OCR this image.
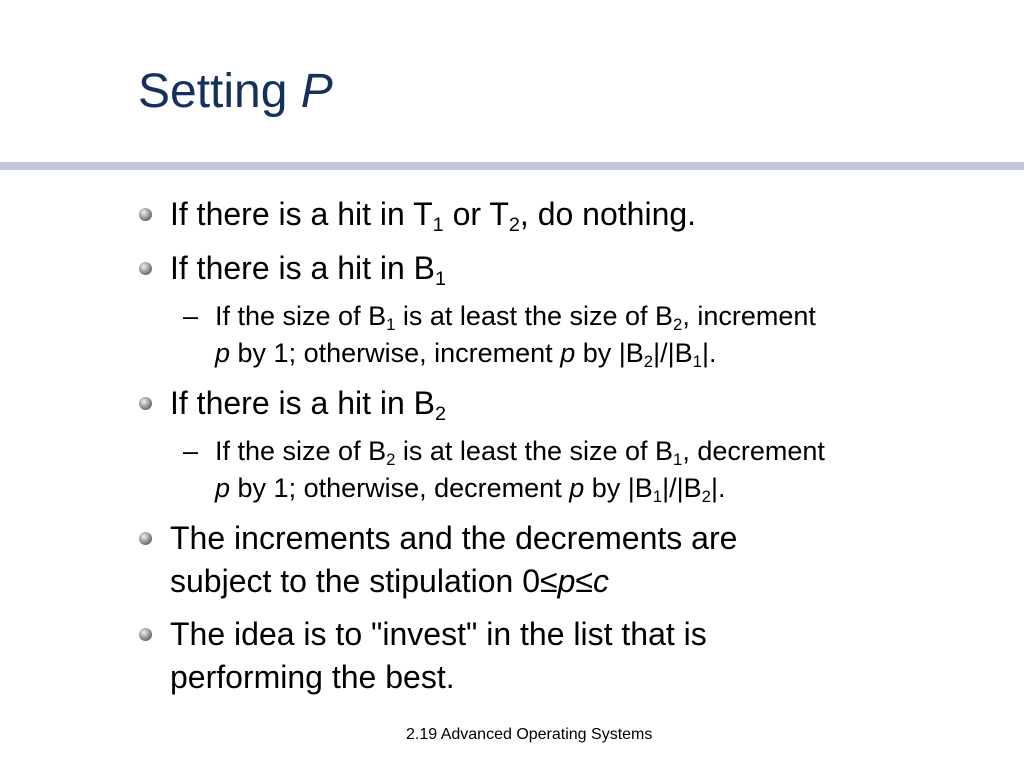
Setting P
If there is a hit in $T_1$ or $T_2$, do nothing.
If there is a hit in $B_1$
– If the size of $B_1$ is at least the size of $B_2$, increment
p by 1; otherwise, increment p by $|B_2|/|B_1|$.
If there is a hit in $B_2$
– If the size of $B_2$ is at least the size of $B_1$, decrement
p by 1; otherwise, decrement p by $|B_1|/|B_2|$.
The increments and the decrements are
subject to the stipulation 0≤p≤c
The idea is to "invest" in the list that is
performing the best.
2.19 Advanced Operating Systems
